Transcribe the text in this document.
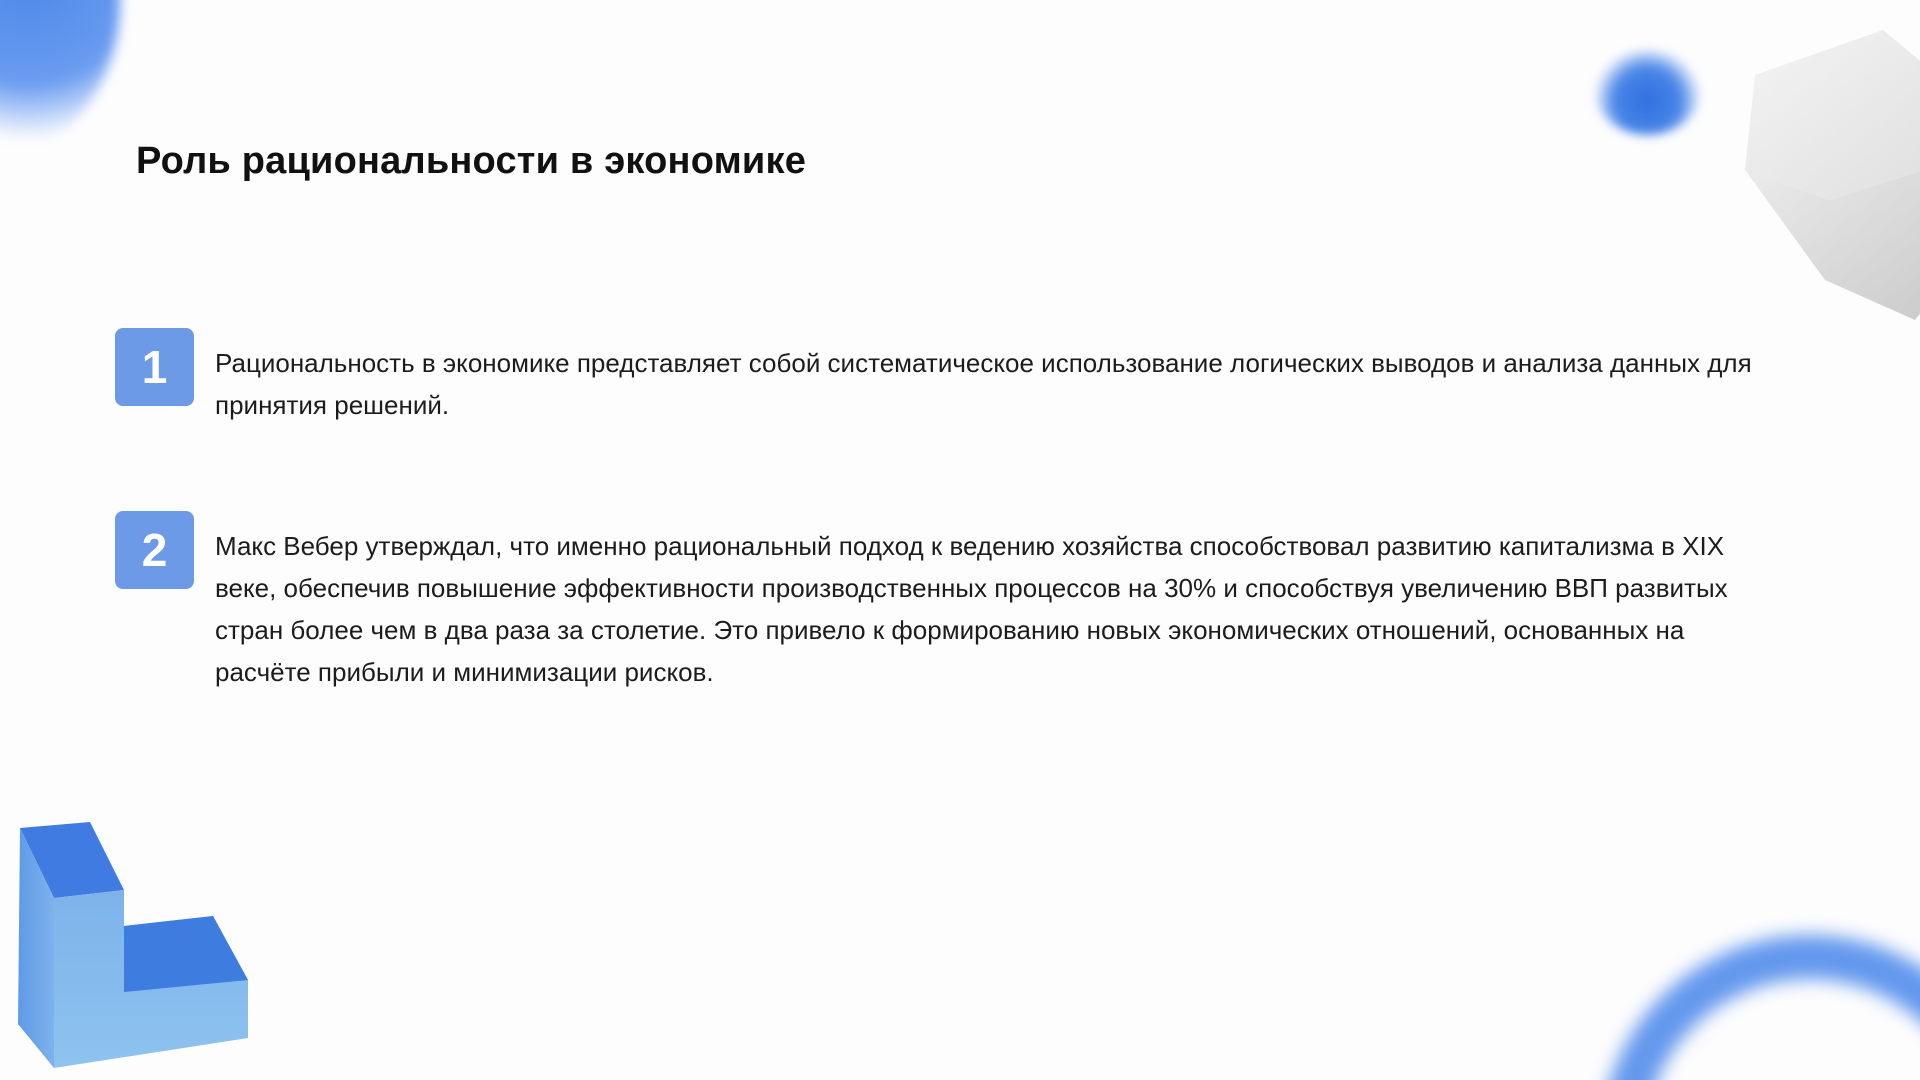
Роль рациональности в экономике
1	Рациональность в экономике представляет собой систематическое использование логических выводов и анализа данных для принятия решений.
2	Макс Вебер утверждал, что именно рациональный подход к ведению хозяйства способствовал развитию капитализма в XIX веке, обеспечив повышение эффективности производственных процессов на 30% и способствуя увеличению ВВП развитых стран более чем в два раза за столетие. Это привело к формированию новых экономических отношений, основанных на расчёте прибыли и минимизации рисков.
